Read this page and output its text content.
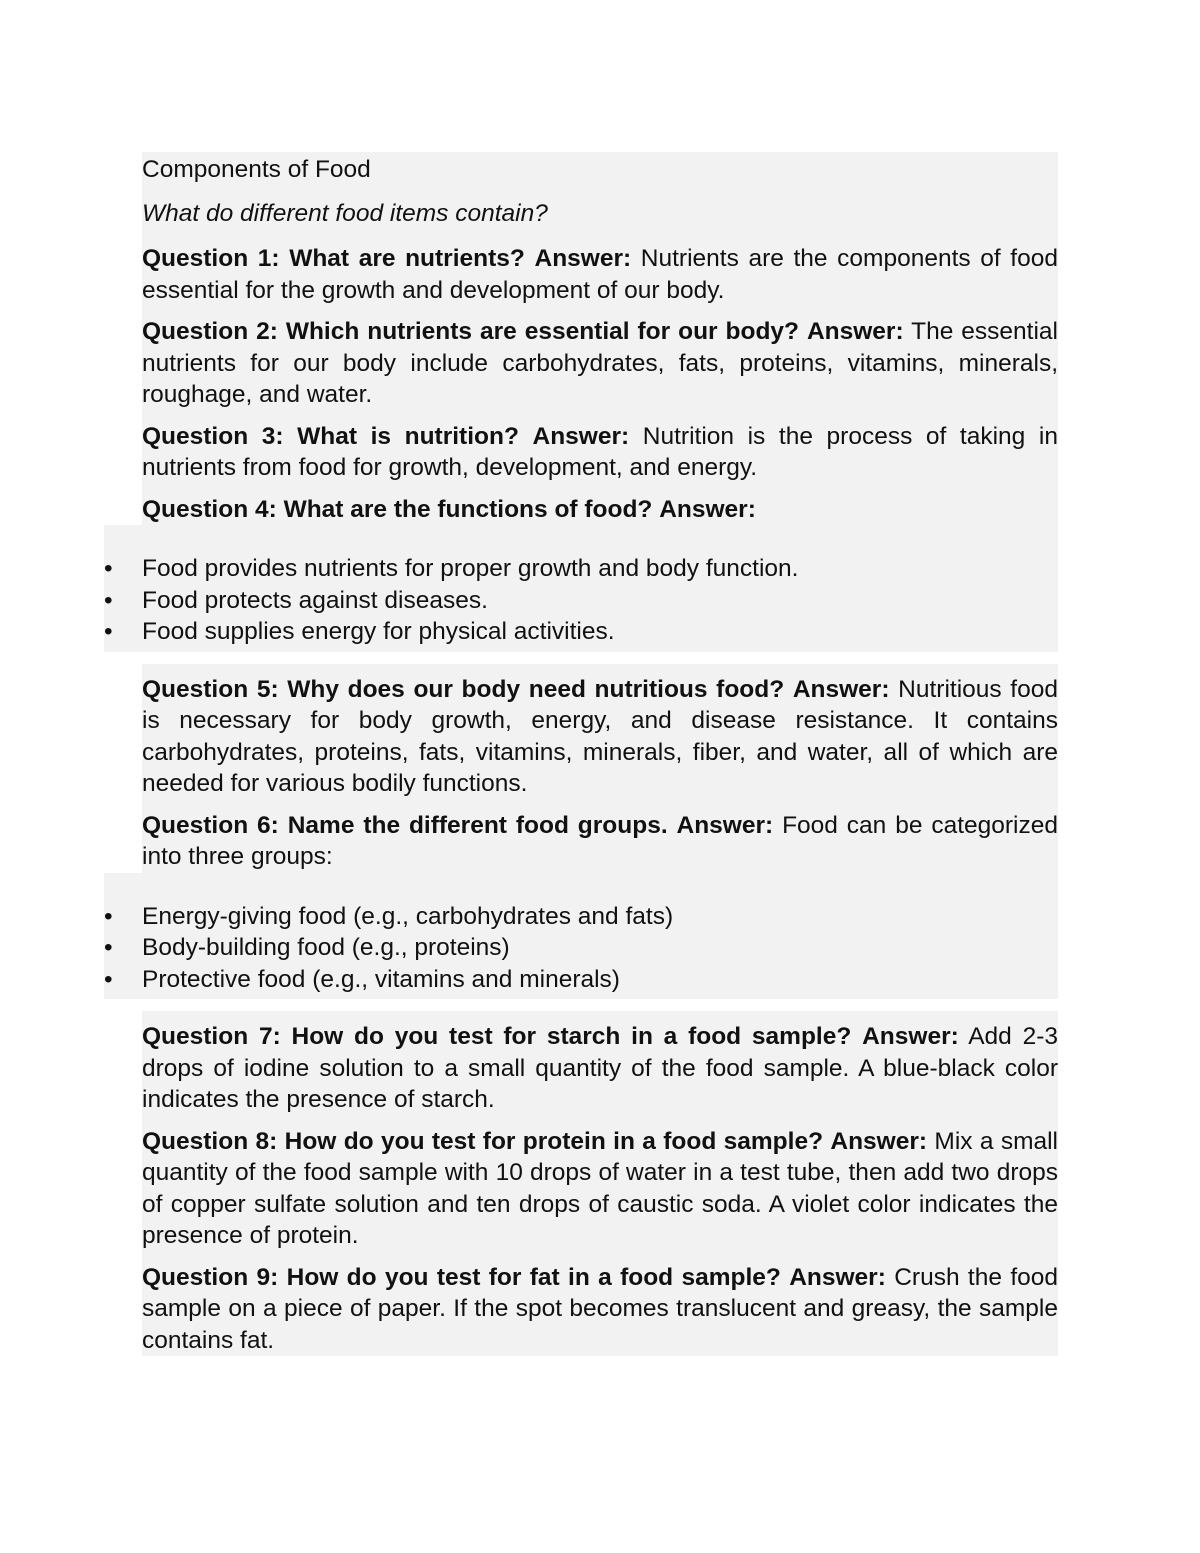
Components of Food
What do different food items contain?
Question 1: What are nutrients? Answer: Nutrients are the components of food essential for the growth and development of our body.
Question 2: Which nutrients are essential for our body? Answer: The essential nutrients for our body include carbohydrates, fats, proteins, vitamins, minerals, roughage, and water.
Question 3: What is nutrition? Answer: Nutrition is the process of taking in nutrients from food for growth, development, and energy.
Question 4: What are the functions of food? Answer:
• Food provides nutrients for proper growth and body function.
• Food protects against diseases.
• Food supplies energy for physical activities.
Question 5: Why does our body need nutritious food? Answer: Nutritious food is necessary for body growth, energy, and disease resistance. It contains carbohydrates, proteins, fats, vitamins, minerals, fiber, and water, all of which are needed for various bodily functions.
Question 6: Name the different food groups. Answer: Food can be categorized into three groups:
• Energy-giving food (e.g., carbohydrates and fats)
• Body-building food (e.g., proteins)
• Protective food (e.g., vitamins and minerals)
Question 7: How do you test for starch in a food sample? Answer: Add 2-3 drops of iodine solution to a small quantity of the food sample. A blue-black color indicates the presence of starch.
Question 8: How do you test for protein in a food sample? Answer: Mix a small quantity of the food sample with 10 drops of water in a test tube, then add two drops of copper sulfate solution and ten drops of caustic soda. A violet color indicates the presence of protein.
Question 9: How do you test for fat in a food sample? Answer: Crush the food sample on a piece of paper. If the spot becomes translucent and greasy, the sample contains fat.
